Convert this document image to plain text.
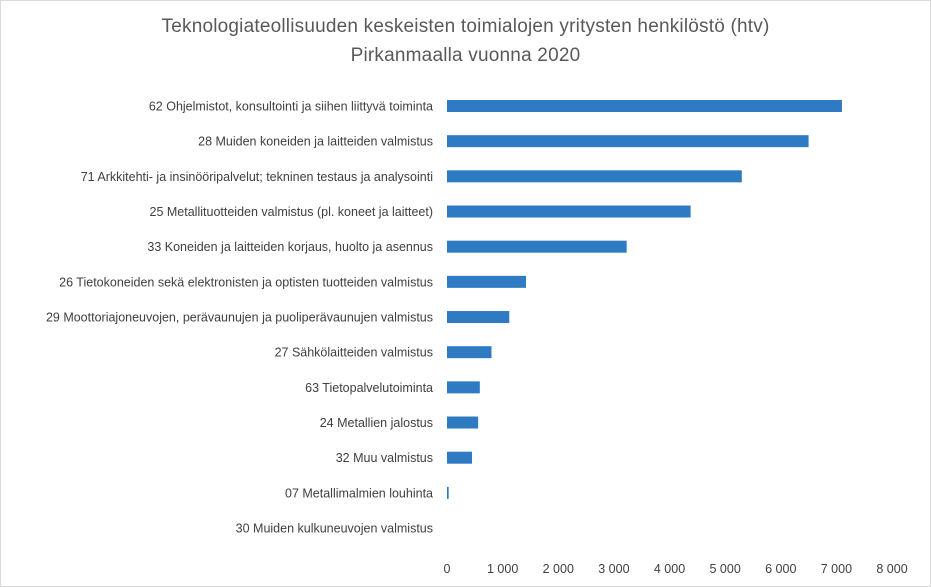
Teknologiateollisuuden keskeisten toimialojen yritysten henkilöstö (htv)
Pirkanmaalla vuonna 2020
62 Ohjelmistot, konsultointi ja siihen liittyvä toiminta
28 Muiden koneiden ja laitteiden valmistus
71 Arkkitehti- ja insinööripalvelut; tekninen testaus ja analysointi
25 Metallituotteiden valmistus (pl. koneet ja laitteet)
33 Koneiden ja laitteiden korjaus, huolto ja asennus
26 Tietokoneiden sekä elektronisten ja optisten tuotteiden valmistus
29 Moottoriajoneuvojen, perävaunujen ja puoliperävaunujen valmistus
27 Sähkölaitteiden valmistus
63 Tietopalvelutoiminta
24 Metallien jalostus
32 Muu valmistus
07 Metallimalmien louhinta
30 Muiden kulkuneuvojen valmistus
0	1 000 2 000 3 000 4 000 5 000 6 000 7 000 8 000
